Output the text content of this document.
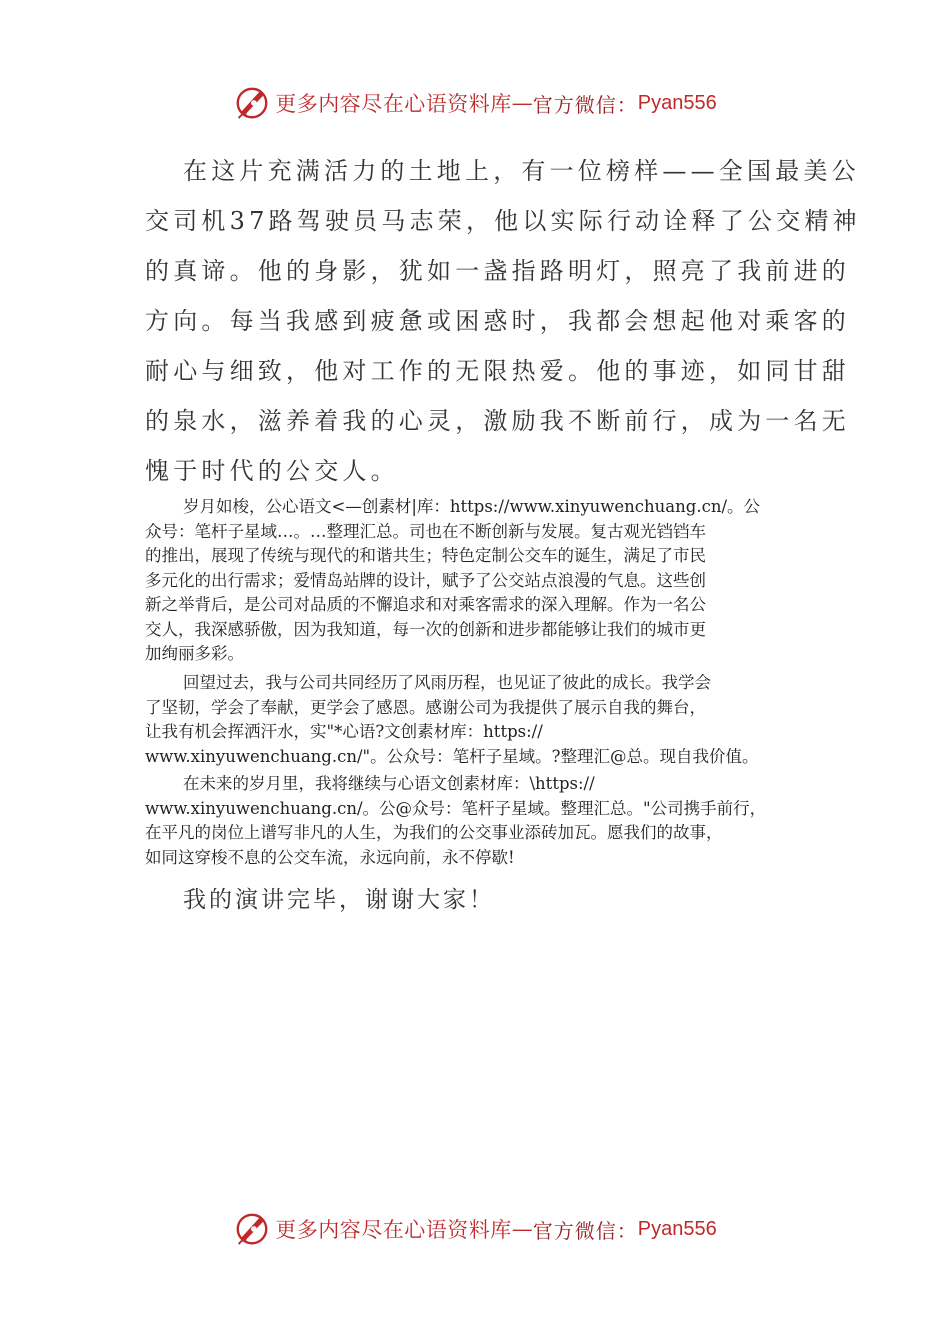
更多内容尽在心语资料库 — 官方微信： Pyan556
在这片充满活力的土地上，有一位榜样——全国最美公
交司机37路驾驶员马志荣，他以实际行动诠释了公交精神
的真谛。他的身影，犹如一盏指路明灯，照亮了我前进的
方向。每当我感到疲惫或困惑时，我都会想起他对乘客的
耐心与细致，他对工作的无限热爱。他的事迹，如同甘甜
的泉水，滋养着我的心灵，激励我不断前行，成为一名无
愧于时代的公交人。
岁月如梭，公心语文<—创素材|库：https://www.xinyuwenchuang.cn/。公
众号：笔杆子星域…。…整理汇总。司也在不断创新与发展。复古观光铛铛车
的推出，展现了传统与现代的和谐共生；特色定制公交车的诞生，满足了市民
多元化的出行需求；爱情岛站牌的设计，赋予了公交站点浪漫的气息。这些创
新之举背后，是公司对品质的不懈追求和对乘客需求的深入理解。作为一名公
交人，我深感骄傲，因为我知道，每一次的创新和进步都能够让我们的城市更
加绚丽多彩。
回望过去，我与公司共同经历了风雨历程，也见证了彼此的成长。我学会
了坚韧，学会了奉献，更学会了感恩。感谢公司为我提供了展示自我的舞台，
让我有机会挥洒汗水，实"*心语?文创素材库：https://
www.xinyuwenchuang.cn/"。公众号：笔杆子星域。?整理汇@总。现自我价值。
在未来的岁月里，我将继续与心语文创素材库：\https://
www.xinyuwenchuang.cn/。公@众号：笔杆子星域。整理汇总。"公司携手前行，
在平凡的岗位上谱写非凡的人生，为我们的公交事业添砖加瓦。愿我们的故事，
如同这穿梭不息的公交车流，永远向前，永不停歇!
我的演讲完毕，谢谢大家！
更多内容尽在心语资料库 — 官方微信： Pyan556
